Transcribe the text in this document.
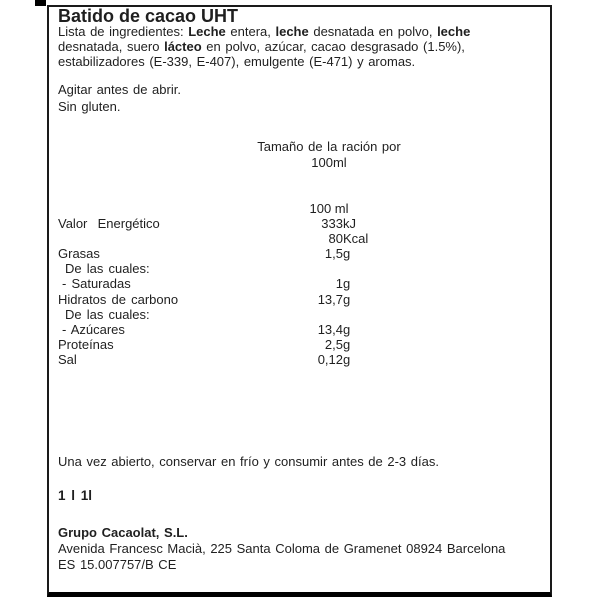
Batido de cacao UHT
Lista de ingredientes: Leche entera, leche desnatada en polvo, leche
desnatada, suero lácteo en polvo, azúcar, cacao desgrasado (1.5%),
estabilizadores (E-339, E-407), emulgente (E-471) y aromas.
Agitar antes de abrir.
Sin gluten.
Tamaño de la ración por
100ml
100 ml
Valor  Energético	333 kJ
80 Kcal
Grasas	1,5 g
De las cuales:
- Saturadas	1 g
Hidratos de carbono	13,7 g
De las cuales:
- Azúcares	13,4 g
Proteínas	2,5 g
Sal	0,12 g
Una vez abierto, conservar en frío y consumir antes de 2-3 días.
1 l 1l
Grupo Cacaolat, S.L.
Avenida Francesc Macià, 225 Santa Coloma de Gramenet 08924 Barcelona
ES 15.007757/B CE
